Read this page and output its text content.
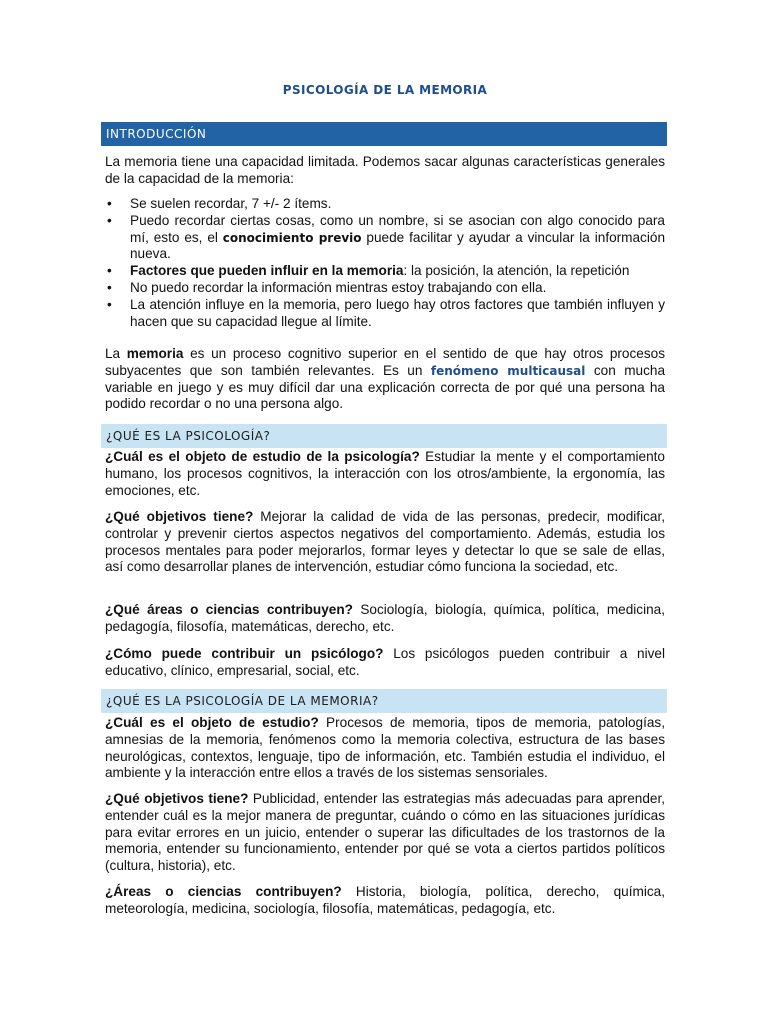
PSICOLOGÍA DE LA MEMORIA
INTRODUCCIÓN

La memoria tiene una capacidad limitada. Podemos sacar algunas características generales de la capacidad de la memoria:

• Se suelen recordar, 7 +/- 2 ítems.
• Puedo recordar ciertas cosas, como un nombre, si se asocian con algo conocido para mí, esto es, el conocimiento previo puede facilitar y ayudar a vincular la información nueva.
• Factores que pueden influir en la memoria: la posición, la atención, la repetición
• No puedo recordar la información mientras estoy trabajando con ella.
• La atención influye en la memoria, pero luego hay otros factores que también influyen y hacen que su capacidad llegue al límite.

La memoria es un proceso cognitivo superior en el sentido de que hay otros procesos subyacentes que son también relevantes. Es un fenómeno multicausal con mucha variable en juego y es muy difícil dar una explicación correcta de por qué una persona ha podido recordar o no una persona algo.

¿QUÉ ES LA PSICOLOGÍA?

¿Cuál es el objeto de estudio de la psicología? Estudiar la mente y el comportamiento humano, los procesos cognitivos, la interacción con los otros/ambiente, la ergonomía, las emociones, etc.

¿Qué objetivos tiene? Mejorar la calidad de vida de las personas, predecir, modificar, controlar y prevenir ciertos aspectos negativos del comportamiento. Además, estudia los procesos mentales para poder mejorarlos, formar leyes y detectar lo que se sale de ellas, así como desarrollar planes de intervención, estudiar cómo funciona la sociedad, etc.

¿Qué áreas o ciencias contribuyen? Sociología, biología, química, política, medicina, pedagogía, filosofía, matemáticas, derecho, etc.

¿Cómo puede contribuir un psicólogo? Los psicólogos pueden contribuir a nivel educativo, clínico, empresarial, social, etc.

¿QUÉ ES LA PSICOLOGÍA DE LA MEMORIA?

¿Cuál es el objeto de estudio? Procesos de memoria, tipos de memoria, patologías, amnesias de la memoria, fenómenos como la memoria colectiva, estructura de las bases neurológicas, contextos, lenguaje, tipo de información, etc. También estudia el individuo, el ambiente y la interacción entre ellos a través de los sistemas sensoriales.

¿Qué objetivos tiene? Publicidad, entender las estrategias más adecuadas para aprender, entender cuál es la mejor manera de preguntar, cuándo o cómo en las situaciones jurídicas para evitar errores en un juicio, entender o superar las dificultades de los trastornos de la memoria, entender su funcionamiento, entender por qué se vota a ciertos partidos políticos (cultura, historia), etc.

¿Áreas o ciencias contribuyen? Historia, biología, política, derecho, química, meteorología, medicina, sociología, filosofía, matemáticas, pedagogía, etc.
